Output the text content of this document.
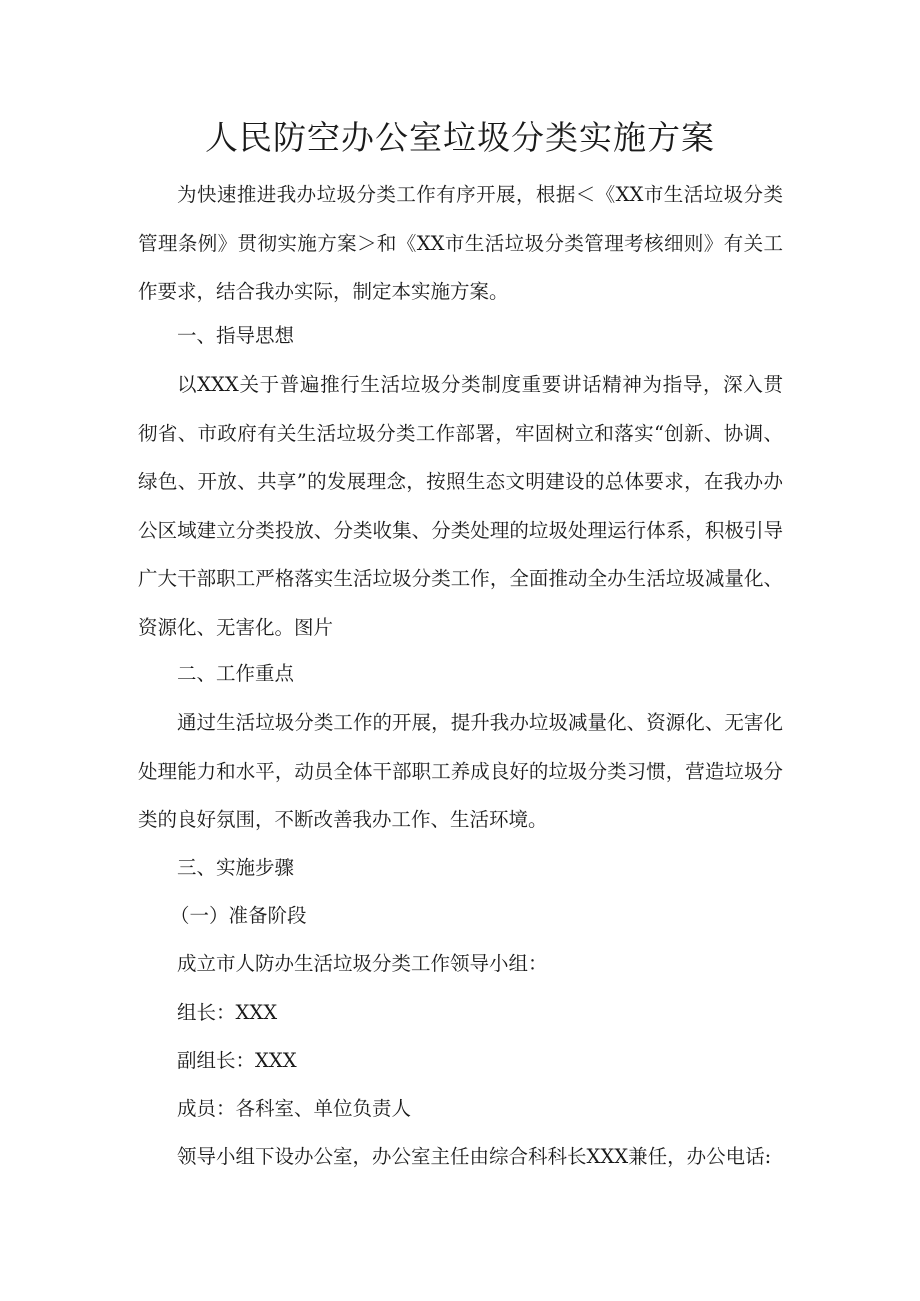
人民防空办公室垃圾分类实施方案
为快速推进我办垃圾分类工作有序开展，根据＜《XX市生活垃圾分类管理条例》贯彻实施方案＞和《XX市生活垃圾分类管理考核细则》有关工作要求，结合我办实际，制定本实施方案。
一、指导思想
以XXX关于普遍推行生活垃圾分类制度重要讲话精神为指导，深入贯彻省、市政府有关生活垃圾分类工作部署，牢固树立和落实“创新、协调、绿色、开放、共享”的发展理念，按照生态文明建设的总体要求，在我办办公区域建立分类投放、分类收集、分类处理的垃圾处理运行体系，积极引导广大干部职工严格落实生活垃圾分类工作，全面推动全办生活垃圾减量化、资源化、无害化。图片
二、工作重点
通过生活垃圾分类工作的开展，提升我办垃圾减量化、资源化、无害化处理能力和水平，动员全体干部职工养成良好的垃圾分类习惯，营造垃圾分类的良好氛围，不断改善我办工作、生活环境。
三、实施步骤
（一）准备阶段
成立市人防办生活垃圾分类工作领导小组：
组长：XXX
副组长：XXX
成员：各科室、单位负责人
领导小组下设办公室，办公室主任由综合科科长XXX兼任，办公电话:
